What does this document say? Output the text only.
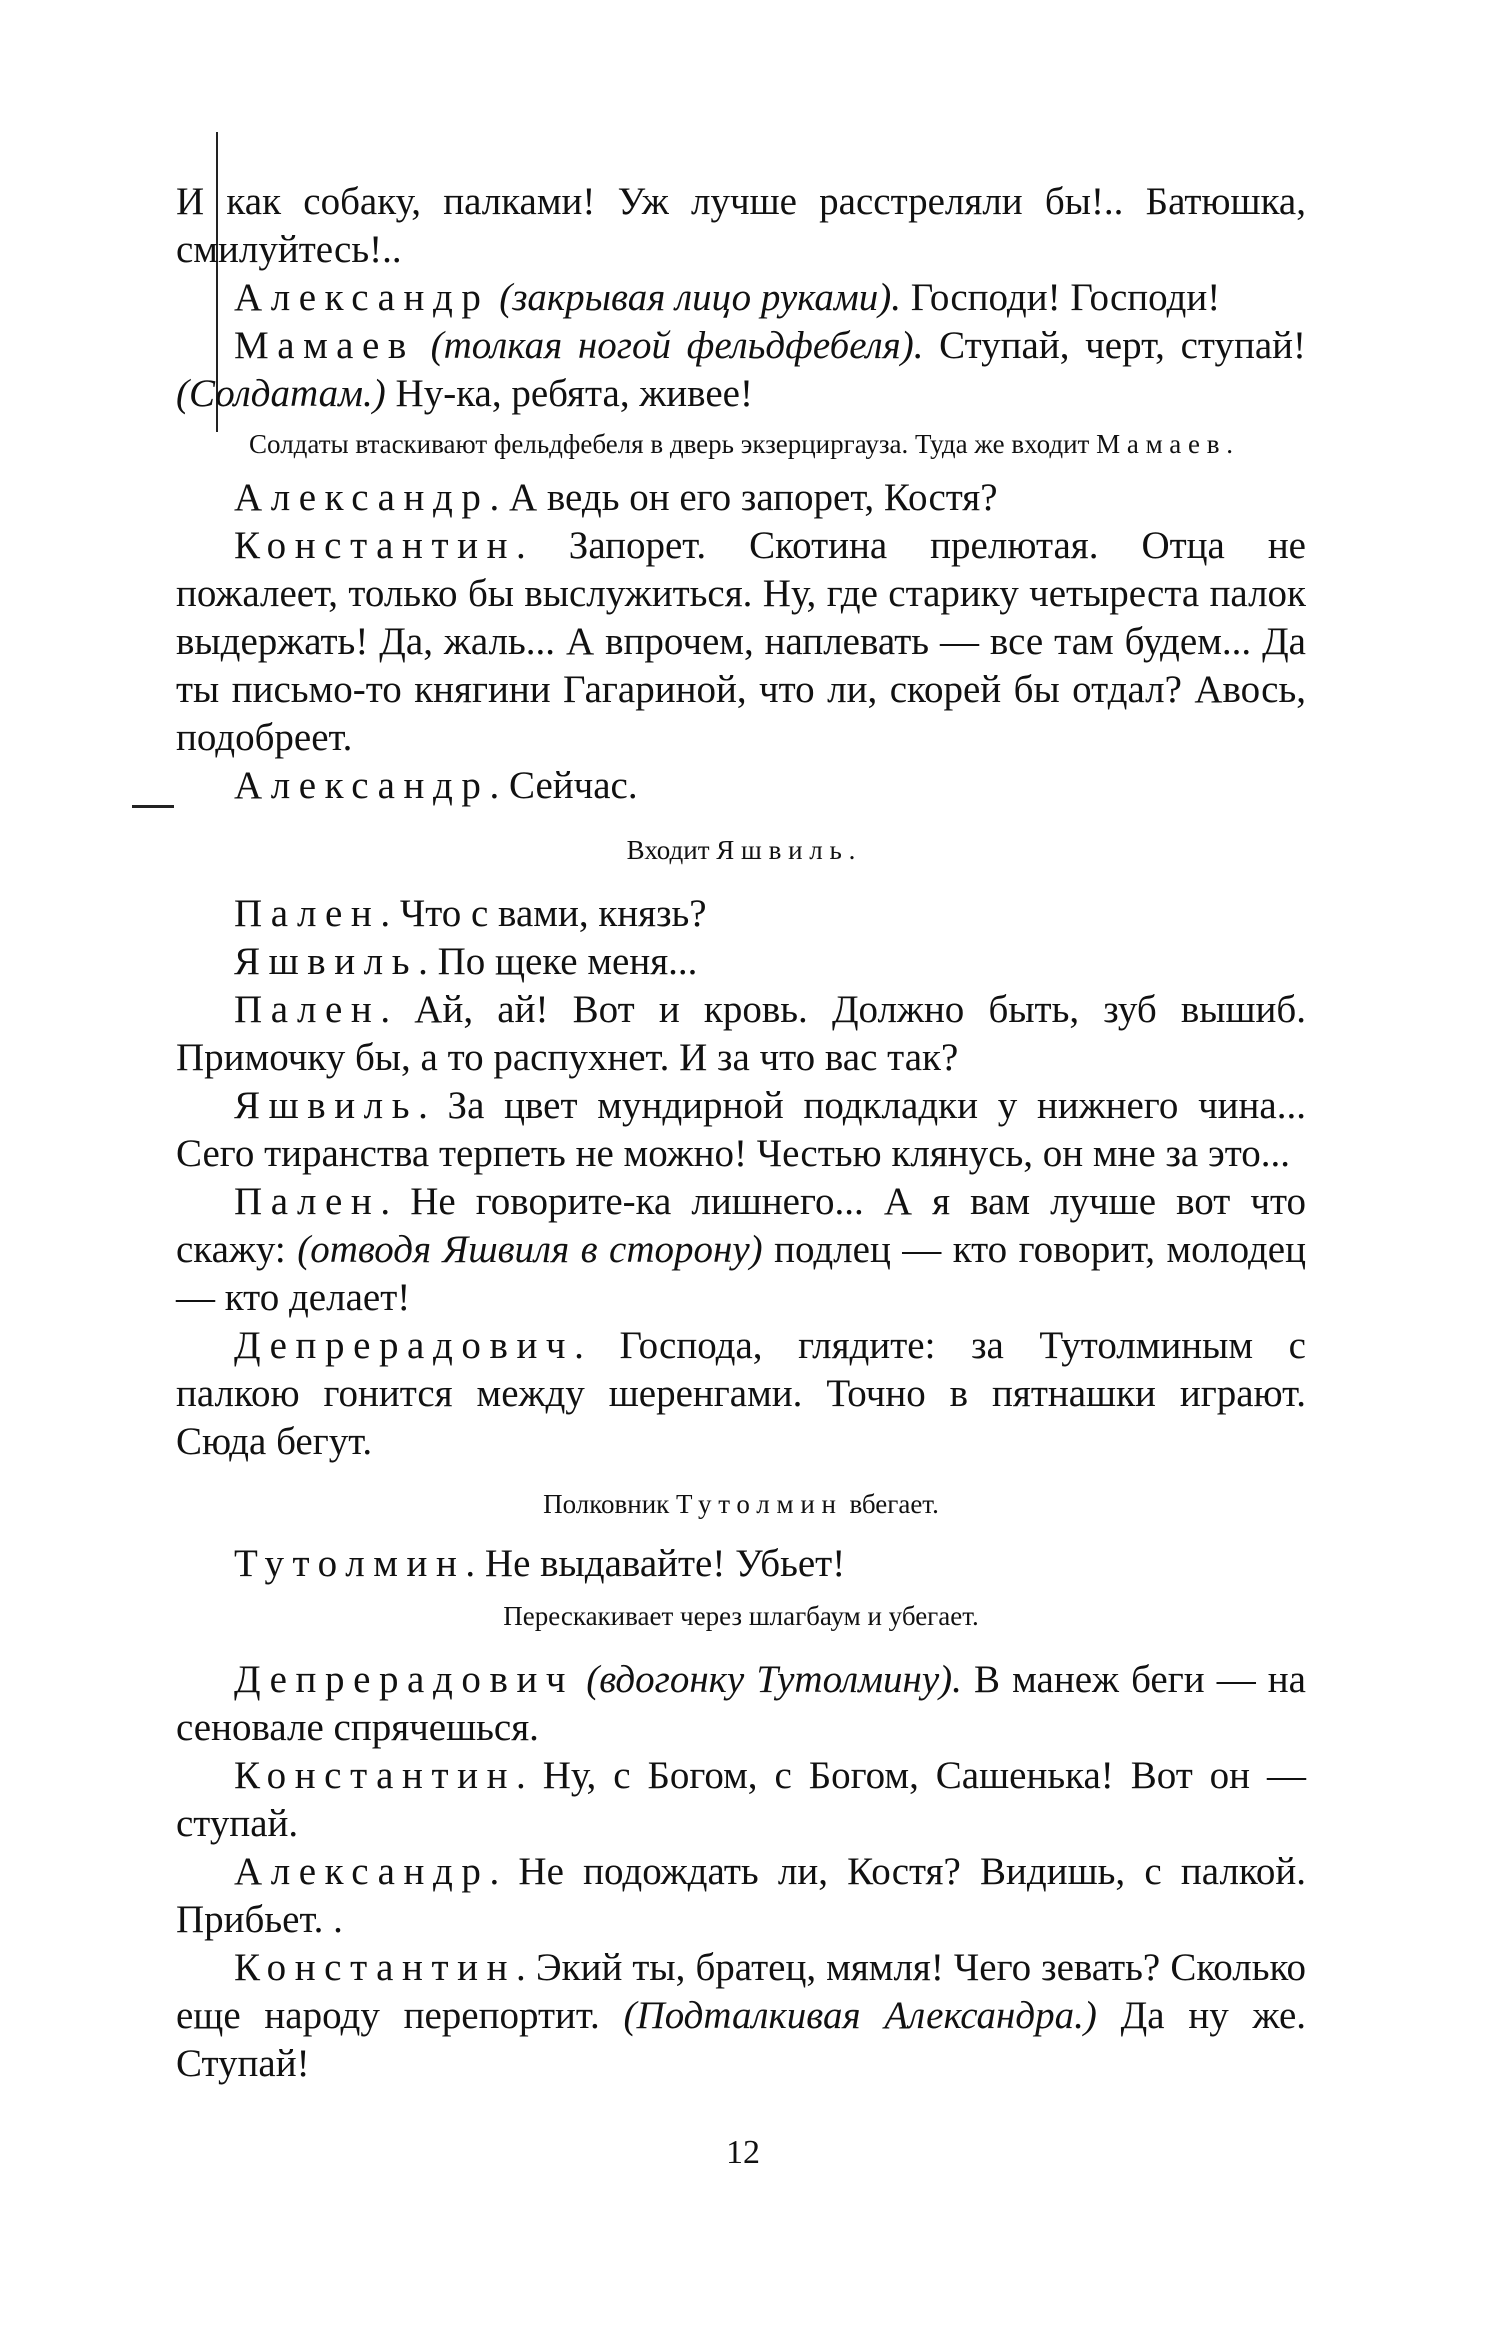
И как собаку, палками! Уж лучше расстреляли бы!.. Батюшка, смилуйтесь!..

Александр (закрывая лицо руками). Господи! Господи!

Мамаев (толкая ногой фельдфебеля). Ступай, черт, ступай! (Солдатам.) Ну-ка, ребята, живее!

Солдаты втаскивают фельдфебеля в дверь экзерциргауза. Туда же входит Мамаев.

Александр. А ведь он его запорет, Костя?

Константин. Запорет. Скотина прелютая. Отца не пожалеет, только бы выслужиться. Ну, где старику четыреста палок выдержать! Да, жаль... А впрочем, наплевать — все там будем... Да ты письмо-то княгини Гагариной, что ли, скорей бы отдал? Авось, подобреет.

Александр. Сейчас.

Входит Яшвиль.

Пален. Что с вами, князь?

Яшвиль. По щеке меня...

Пален. Ай, ай! Вот и кровь. Должно быть, зуб вышиб. Примочку бы, а то распухнет. И за что вас так?

Яшвиль. За цвет мундирной подкладки у нижнего чина... Сего тиранства терпеть не можно! Честью клянусь, он мне за это...

Пален. Не говорите-ка лишнего... А я вам лучше вот что скажу: (отводя Яшвиля в сторону) подлец — кто говорит, молодец — кто делает!

Депрерадович. Господа, глядите: за Тутолминым с палкою гонится между шеренгами. Точно в пятнашки играют. Сюда бегут.

Полковник Тутолмин вбегает.

Тутолмин. Не выдавайте! Убьет!

Перескакивает через шлагбаум и убегает.

Депрерадович (вдогонку Тутолмину). В манеж беги — на сеновале спрячешься.

Константин. Ну, с Богом, с Богом, Сашенька! Вот он — ступай.

Александр. Не подождать ли, Костя? Видишь, с палкой. Прибьет. .

Константин. Экий ты, братец, мямля! Чего зевать? Сколько еще народу перепортит. (Подталкивая Александра.) Да ну же. Ступай!

12
